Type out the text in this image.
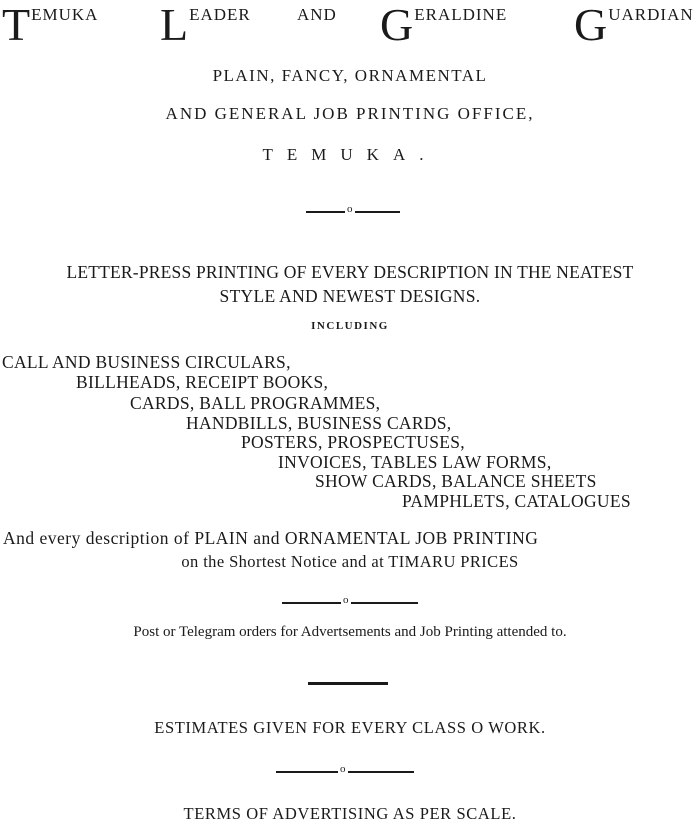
TEMUKA LEADER	AND GERALDINE GUARDIAN
PLAIN, FANCY, ORNAMENTAL
AND GENERAL JOB PRINTING OFFICE,
TEMUKA.
o
LETTER-PRESS PRINTING OF EVERY DESCRIPTION IN THE NEATEST
STYLE AND NEWEST DESIGNS.
INCLUDING
CALL AND BUSINESS CIRCULARS,
BILLHEADS, RECEIPT BOOKS,
CARDS, BALL PROGRAMMES,
HANDBILLS, BUSINESS CARDS,
POSTERS, PROSPECTUSES,
INVOICES, TABLES LAW FORMS,
SHOW CARDS, BALANCE SHEETS
PAMPHLETS, CATALOGUES
And every description of PLAIN and ORNAMENTAL JOB PRINTING
on the Shortest Notice and at TIMARU PRICES
o
Post or Telegram orders for Advertsements and Job Printing attended to.
ESTIMATES GIVEN FOR EVERY CLASS O WORK.
o
TERMS OF ADVERTISING AS PER SCALE.
